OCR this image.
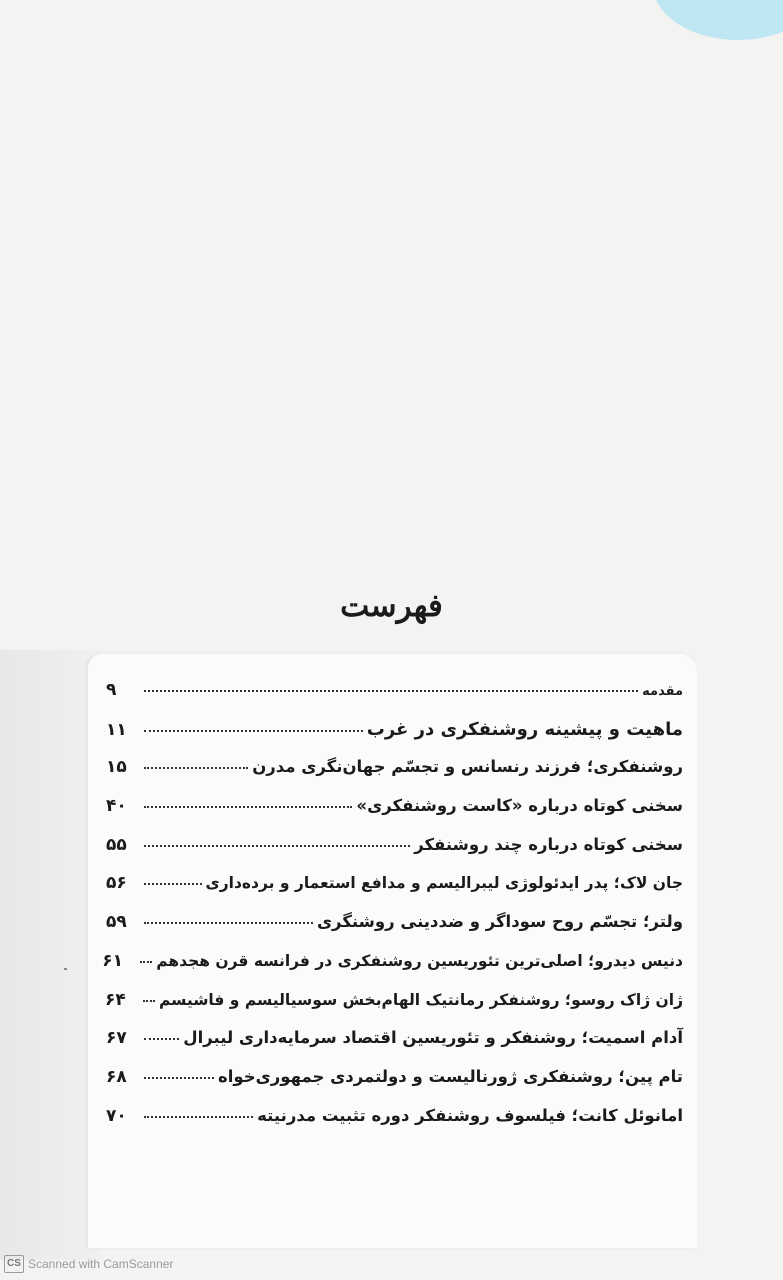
فهرست
مقدمه
۹
ماهیت و پیشینه روشنفکری در غرب
۱۱
روشنفکری؛ فرزند رنسانس و تجسّم جهان‌نگری مدرن
۱۵
سخنی کوتاه درباره «کاست روشنفکری»
۴۰
سخنی کوتاه درباره چند روشنفکر
۵۵
جان لاک؛ پدر ایدئولوژی لیبرالیسم و مدافع استعمار و برده‌داری
۵۶
ولتر؛ تجسّم روح سوداگر و ضددینی روشنگری
۵۹
دنیس دیدرو؛ اصلی‌ترین تئوریسین روشنفکری در فرانسه قرن هجدهم
۶۱
ژان ژاک روسو؛ روشنفکر رمانتیک الهام‌بخش سوسیالیسم و فاشیسم
۶۴
آدام اسمیت؛ روشنفکر و تئوریسین اقتصاد سرمایه‌داری لیبرال
۶۷
تام پین؛ روشنفکری ژورنالیست و دولتمردی جمهوری‌خواه
۶۸
امانوئل کانت؛ فیلسوف روشنفکر دوره تثبیت مدرنیته
۷۰
CS Scanned with CamScanner
